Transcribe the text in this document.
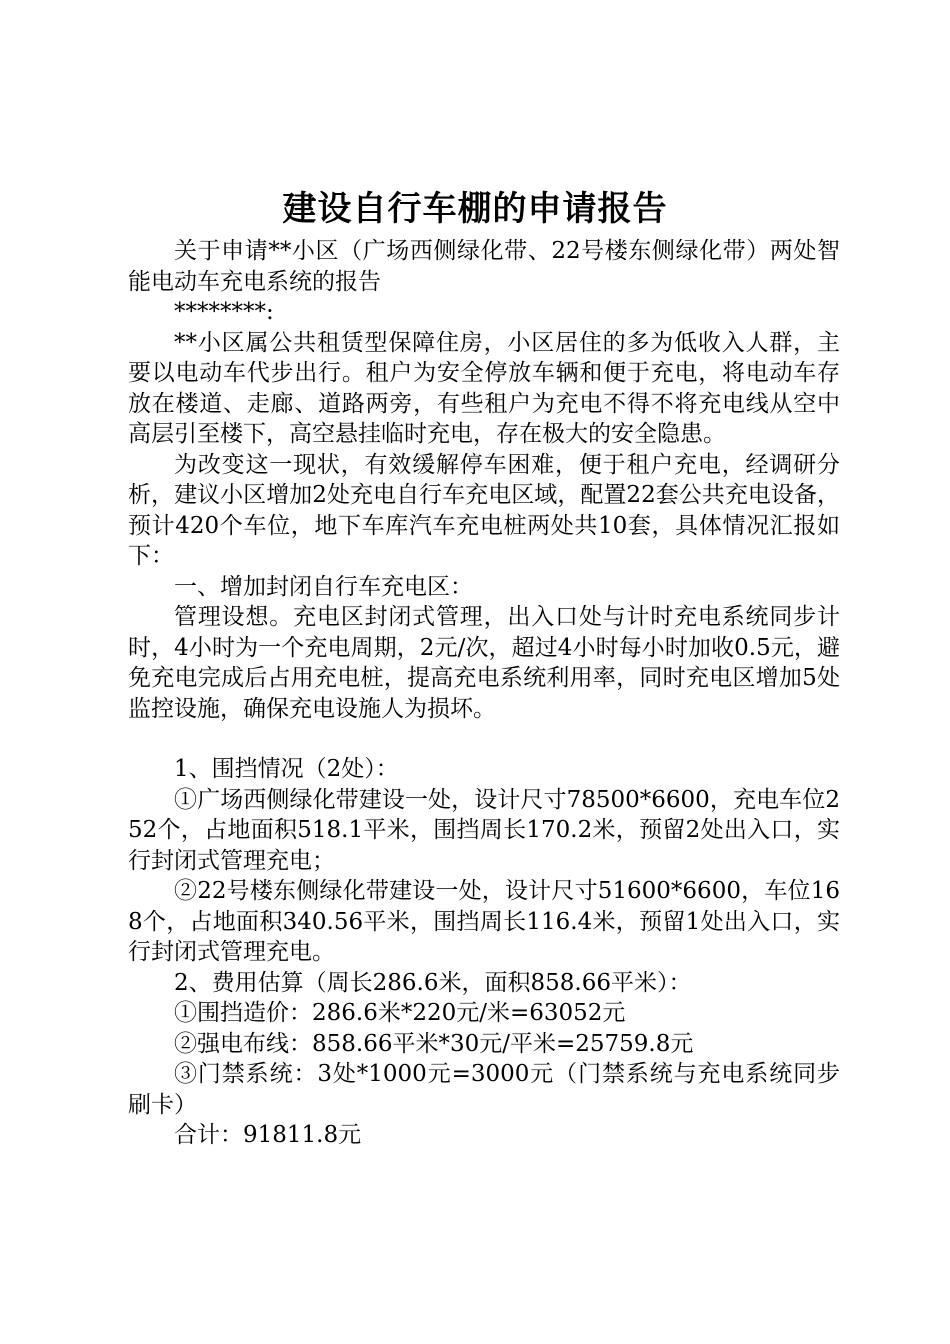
建设自行车棚的申请报告

关于申请**小区（广场西侧绿化带、22号楼东侧绿化带）两处智能电动车充电系统的报告

********:

**小区属公共租赁型保障住房，小区居住的多为低收入人群，主要以电动车代步出行。租户为安全停放车辆和便于充电，将电动车存放在楼道、走廊、道路两旁，有些租户为充电不得不将充电线从空中高层引至楼下，高空悬挂临时充电，存在极大的安全隐患。

为改变这一现状，有效缓解停车困难，便于租户充电，经调研分析，建议小区增加2处充电自行车充电区域，配置22套公共充电设备，预计420个车位，地下车库汽车充电桩两处共10套，具体情况汇报如下：

一、增加封闭自行车充电区：

管理设想。充电区封闭式管理，出入口处与计时充电系统同步计时，4小时为一个充电周期，2元/次，超过4小时每小时加收0.5元，避免充电完成后占用充电桩，提高充电系统利用率，同时充电区增加5处监控设施，确保充电设施人为损坏。

1、围挡情况（2处）：

①广场西侧绿化带建设一处，设计尺寸78500*6600，充电车位252个，占地面积518.1平米，围挡周长170.2米，预留2处出入口，实行封闭式管理充电；

②22号楼东侧绿化带建设一处，设计尺寸51600*6600，车位168个，占地面积340.56平米，围挡周长116.4米，预留1处出入口，实行封闭式管理充电。

2、费用估算（周长286.6米，面积858.66平米）：

①围挡造价：286.6米*220元/米=63052元

②强电布线：858.66平米*30元/平米=25759.8元

③门禁系统：3处*1000元=3000元（门禁系统与充电系统同步刷卡）

合计：91811.8元
